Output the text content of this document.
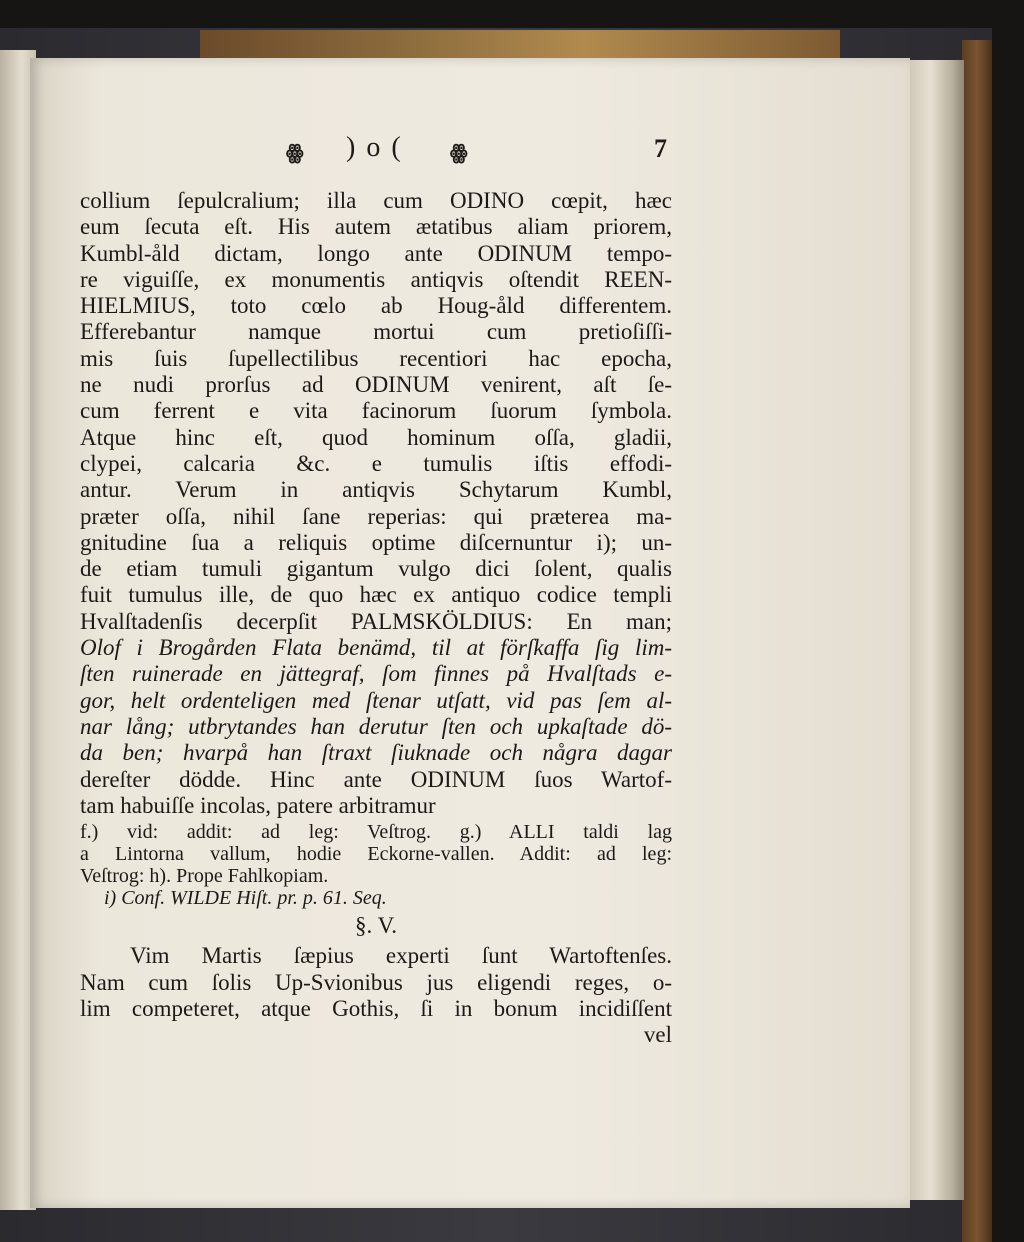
ꙮ ) o ( ꙮ	7
collium ſepulcralium; illa cum ODINO cœpit, hæc
eum ſecuta eſt. His autem ætatibus aliam priorem,
Kumbl-åld dictam, longo ante ODINUM tempo-
re viguiſſe, ex monumentis antiqvis oſtendit REEN-
HIELMIUS, toto cœlo ab Houg-åld differentem.
Efferebantur namque mortui cum pretioſiſſi-
mis ſuis ſupellectilibus recentiori hac epocha,
ne nudi prorſus ad ODINUM venirent, aſt ſe-
cum ferrent e vita facinorum ſuorum ſymbola.
Atque hinc eſt, quod hominum oſſa, gladii,
clypei, calcaria &c. e tumulis iſtis effodi-
antur. Verum in antiqvis Schytarum Kumbl,
præter oſſa, nihil ſane reperias: qui præterea ma-
gnitudine ſua a reliquis optime diſcernuntur i); un-
de etiam tumuli gigantum vulgo dici ſolent, qualis
fuit tumulus ille, de quo hæc ex antiquo codice templi
Hvalſtadenſis decerpſit PALMSKÖLDIUS: En man;
Olof i Brogården Flata benämd, til at förſkaffa ſig lim-
ſten ruinerade en jättegraf, ſom finnes på Hvalſtads e-
gor, helt ordenteligen med ſtenar utſatt, vid pas ſem al-
nar lång; utbrytandes han derutur ſten och upkaſtade dö-
da ben; hvarpå han ſtraxt ſiuknade och några dagar
dereſter dödde. Hinc ante ODINUM ſuos Wartof-
tam habuiſſe incolas, patere arbitramur
f.) vid: addit: ad leg: Veſtrog. g.) ALLI taldi lag
a Lintorna vallum, hodie Eckorne-vallen. Addit: ad leg:
Veſtrog: h). Prope Fahlkopiam.
i) Conf. WILDE Hiſt. pr. p. 61. Seq.
§. V.
Vim Martis ſæpius experti ſunt Wartoftenſes.
Nam cum ſolis Up-Svionibus jus eligendi reges, o-
lim competeret, atque Gothis, ſi in bonum incidiſſent
vel
